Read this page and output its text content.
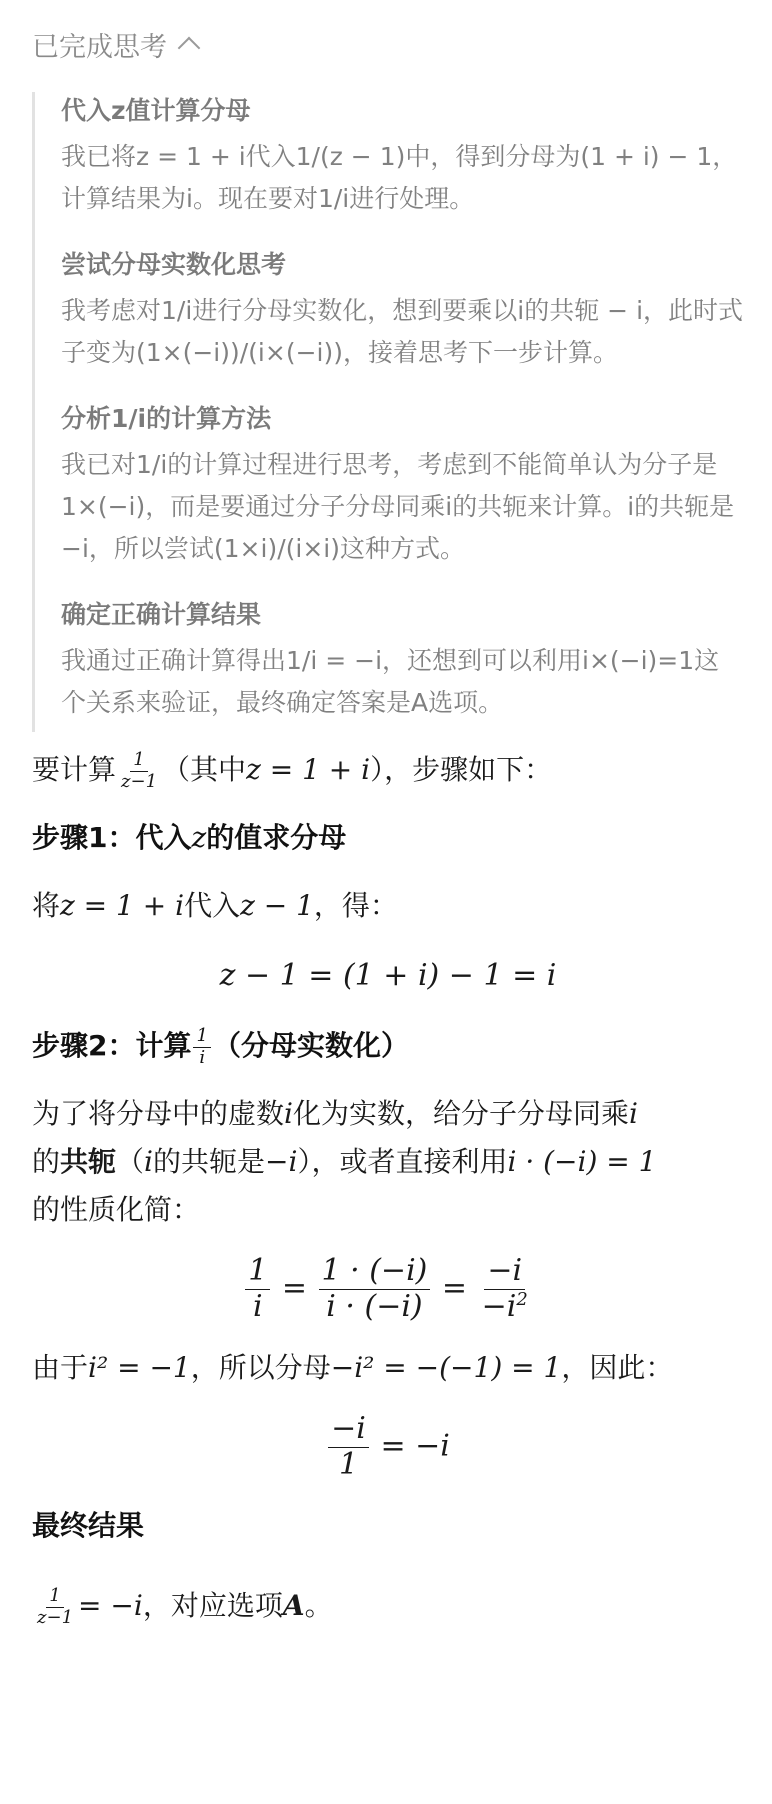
已完成思考
代入z值计算分母
我已将z = 1 + i代入1/(z − 1)中，得到分母为(1 + i) − 1，计算结果为i。现在要对1/i进行处理。
尝试分母实数化思考
我考虑对1/i进行分母实数化，想到要乘以i的共轭 − i，此时式子变为(1×(−i))/(i×(−i))，接着思考下一步计算。
分析1/i的计算方法
我已对1/i的计算过程进行思考，考虑到不能简单认为分子是1×(−i)，而是要通过分子分母同乘i的共轭来计算。i的共轭是−i，所以尝试(1×i)/(i×i)这种方式。
确定正确计算结果
我通过正确计算得出1/i = −i，还想到可以利用i×(−i)=1这个关系来验证，最终确定答案是A选项。
要计算 $\frac{1}{z-1}$ （其中z = 1 + i），步骤如下：
步骤1：代入z的值求分母
将z = 1 + i代入z − 1，得：
z − 1 = (1 + i) − 1 = i
步骤2：计算 $\frac{1}{i}$ （分母实数化）
为了将分母中的虚数i化为实数，给分子分母同乘i
的共轭（i的共轭是−i），或者直接利用i · (−i) = 1
的性质化简：
$\frac{1}{i} = \frac{1 \cdot (-i)}{i \cdot (-i)} = \frac{-i}{-i^2}$
由于i² = −1，所以分母−i² = −(−1) = 1，因此：
$\frac{-i}{1} = -i$
最终结果
$\frac{1}{z-1} = -i$，对应选项A。
